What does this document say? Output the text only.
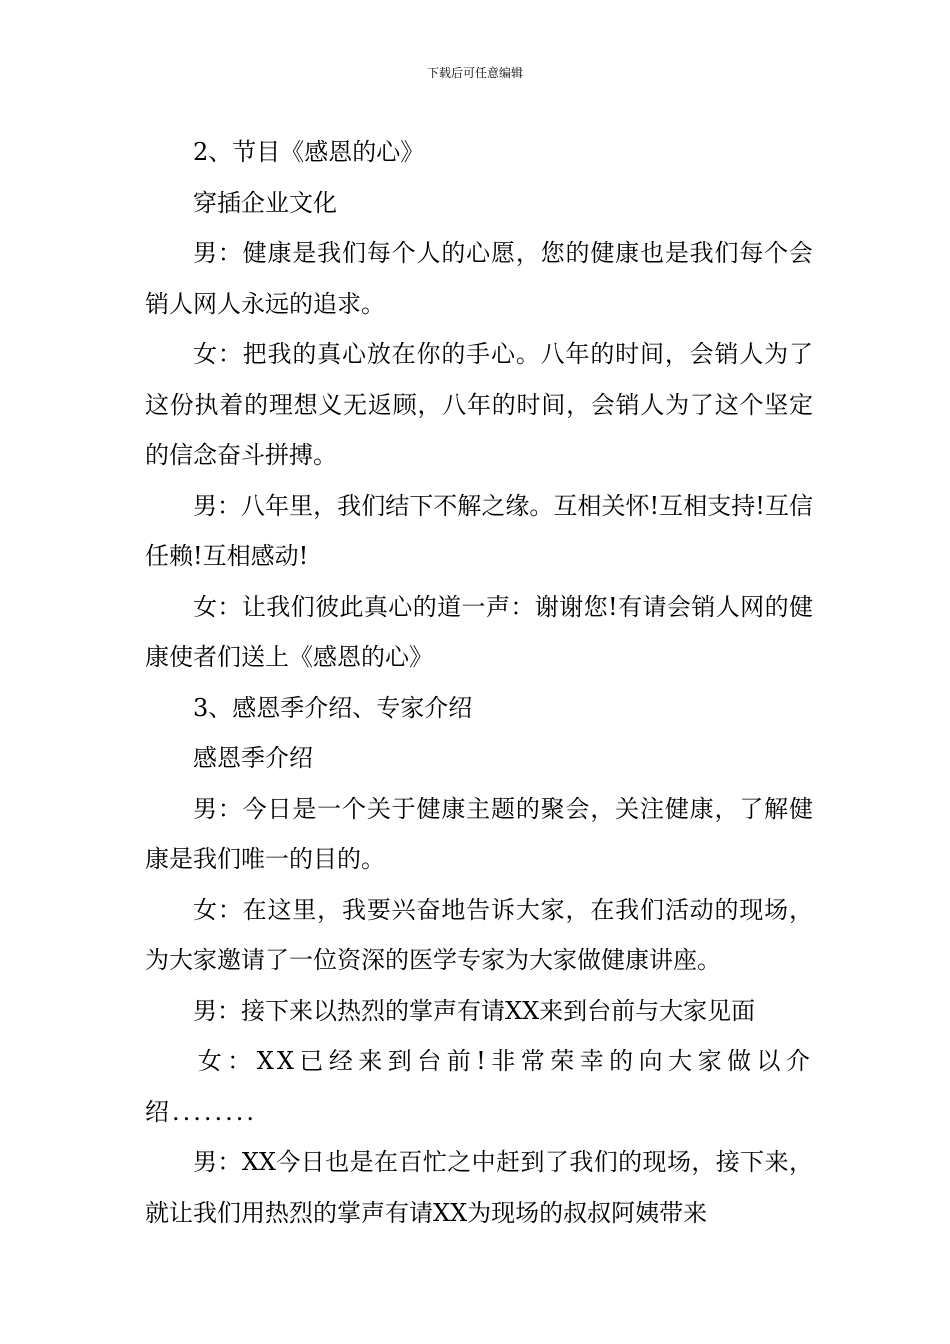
下载后可任意编辑

2、节目《感恩的心》

穿插企业文化

男：健康是我们每个人的心愿，您的健康也是我们每个会销人网人永远的追求。

女：把我的真心放在你的手心。八年的时间，会销人为了这份执着的理想义无返顾，八年的时间，会销人为了这个坚定的信念奋斗拼搏。

男：八年里，我们结下不解之缘。互相关怀!互相支持!互信任赖!互相感动!

女：让我们彼此真心的道一声：谢谢您!有请会销人网的健康使者们送上《感恩的心》

3、感恩季介绍、专家介绍

感恩季介绍

男：今日是一个关于健康主题的聚会，关注健康，了解健康是我们唯一的目的。

女：在这里，我要兴奋地告诉大家，在我们活动的现场，为大家邀请了一位资深的医学专家为大家做健康讲座。

男：接下来以热烈的掌声有请XX来到台前与大家见面

女：XX已经来到台前!非常荣幸的向大家做以介绍........

男：XX今日也是在百忙之中赶到了我们的现场，接下来，就让我们用热烈的掌声有请XX为现场的叔叔阿姨带来
